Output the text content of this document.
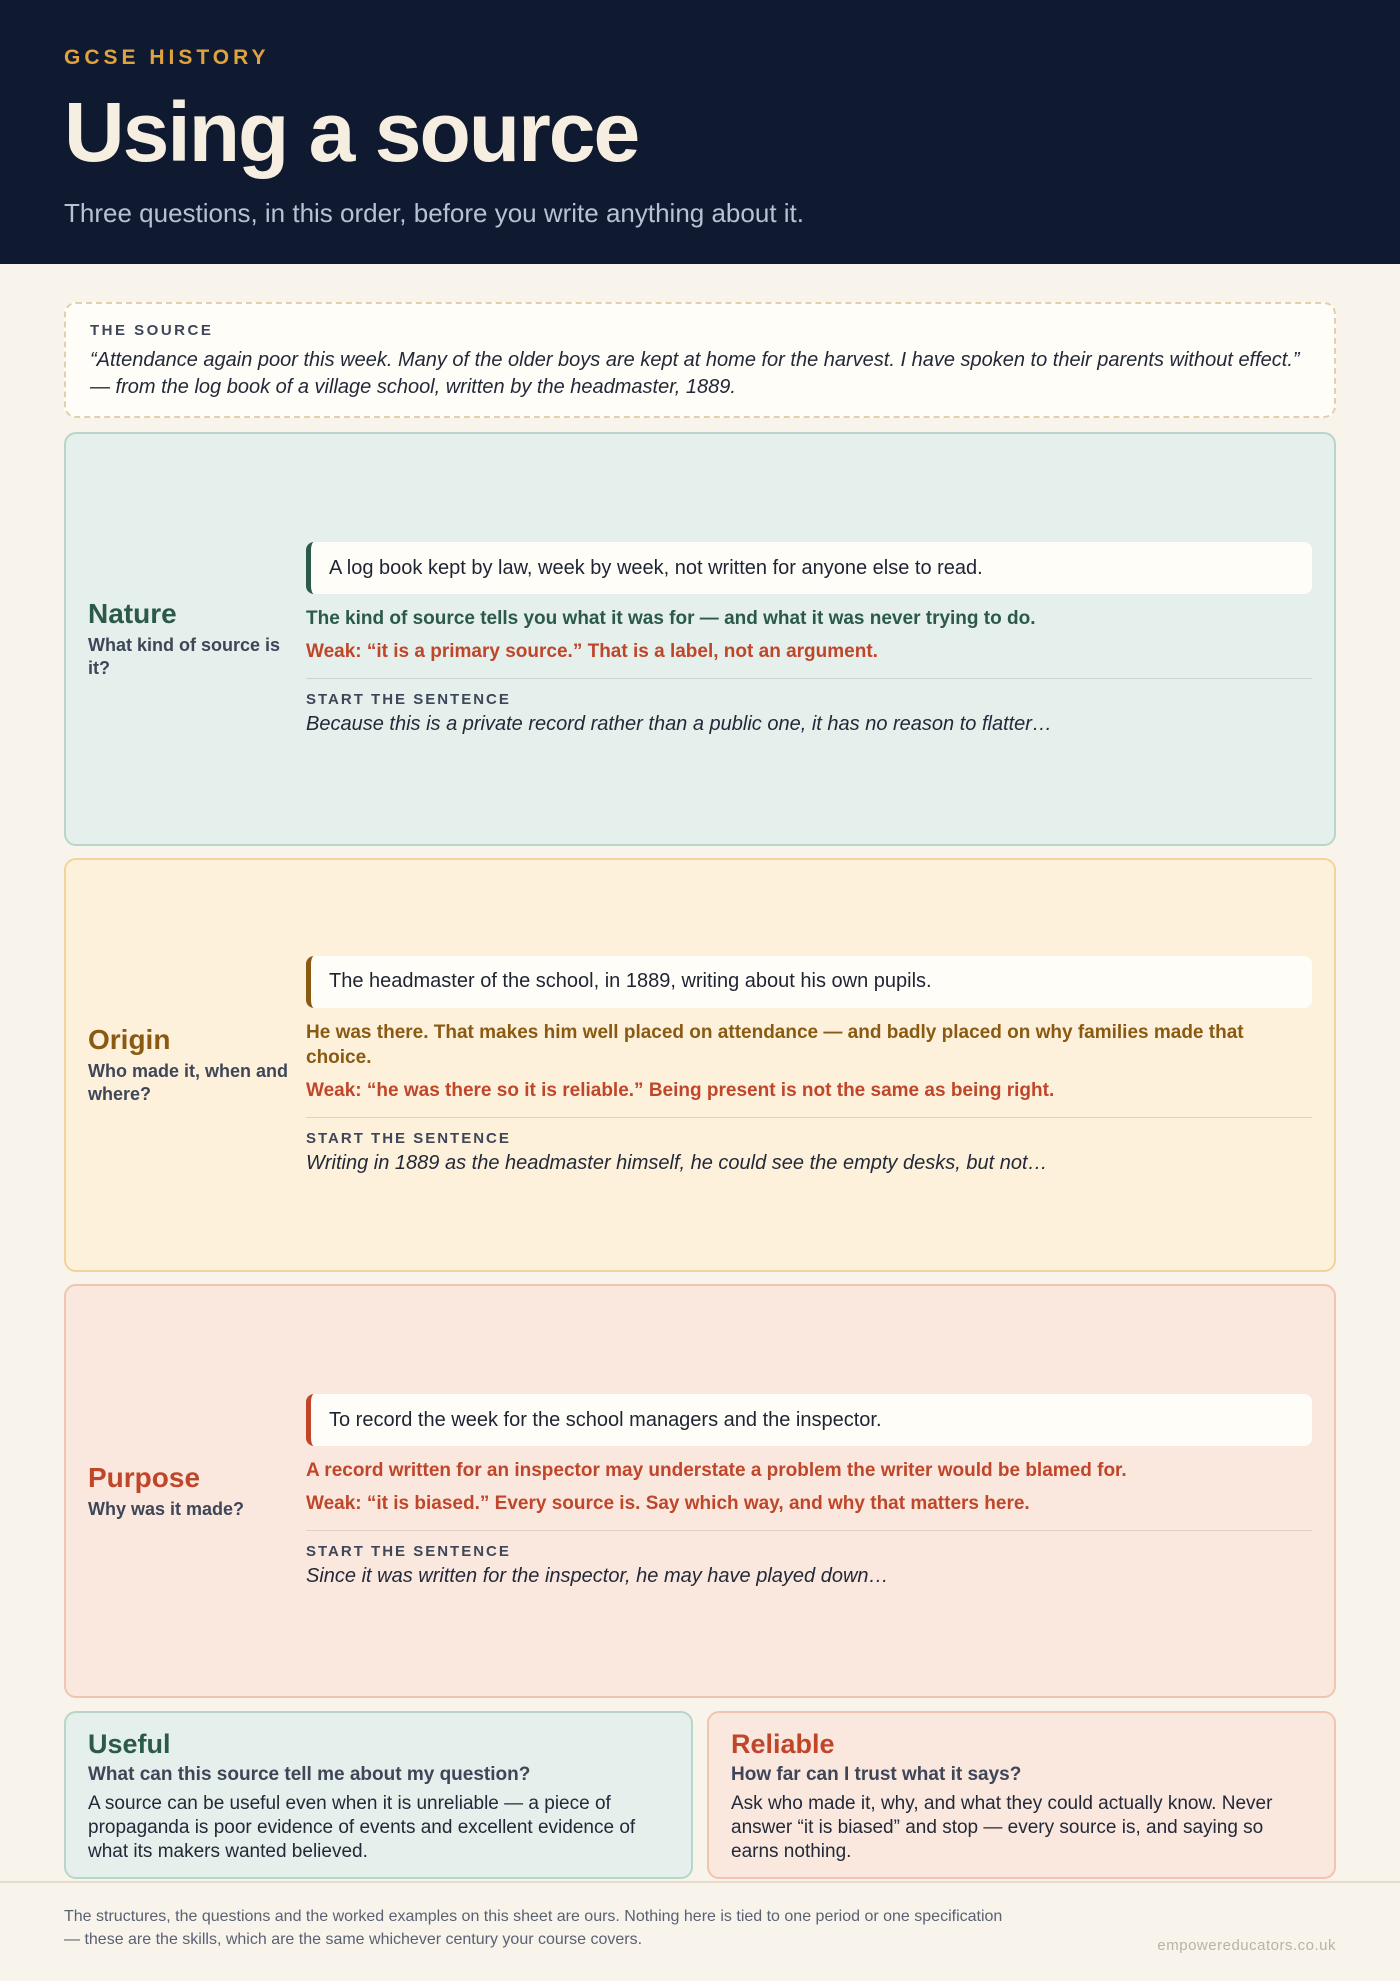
GCSE HISTORY
Using a source
Three questions, in this order, before you write anything about it.
THE SOURCE
“Attendance again poor this week. Many of the older boys are kept at home for the harvest. I have spoken to their parents without effect.” — from the log book of a village school, written by the headmaster, 1889.
Nature
What kind of source is it?
A log book kept by law, week by week, not written for anyone else to read.
The kind of source tells you what it was for — and what it was never trying to do.
Weak: “it is a primary source.” That is a label, not an argument.
START THE SENTENCE
Because this is a private record rather than a public one, it has no reason to flatter…
Origin
Who made it, when and where?
The headmaster of the school, in 1889, writing about his own pupils.
He was there. That makes him well placed on attendance — and badly placed on why families made that choice.
Weak: “he was there so it is reliable.” Being present is not the same as being right.
START THE SENTENCE
Writing in 1889 as the headmaster himself, he could see the empty desks, but not…
Purpose
Why was it made?
To record the week for the school managers and the inspector.
A record written for an inspector may understate a problem the writer would be blamed for.
Weak: “it is biased.” Every source is. Say which way, and why that matters here.
START THE SENTENCE
Since it was written for the inspector, he may have played down…
Useful
What can this source tell me about my question?
A source can be useful even when it is unreliable — a piece of propaganda is poor evidence of events and excellent evidence of what its makers wanted believed.
Reliable
How far can I trust what it says?
Ask who made it, why, and what they could actually know. Never answer “it is biased” and stop — every source is, and saying so earns nothing.
The structures, the questions and the worked examples on this sheet are ours. Nothing here is tied to one period or one specification — these are the skills, which are the same whichever century your course covers.	empowereducators.co.uk
